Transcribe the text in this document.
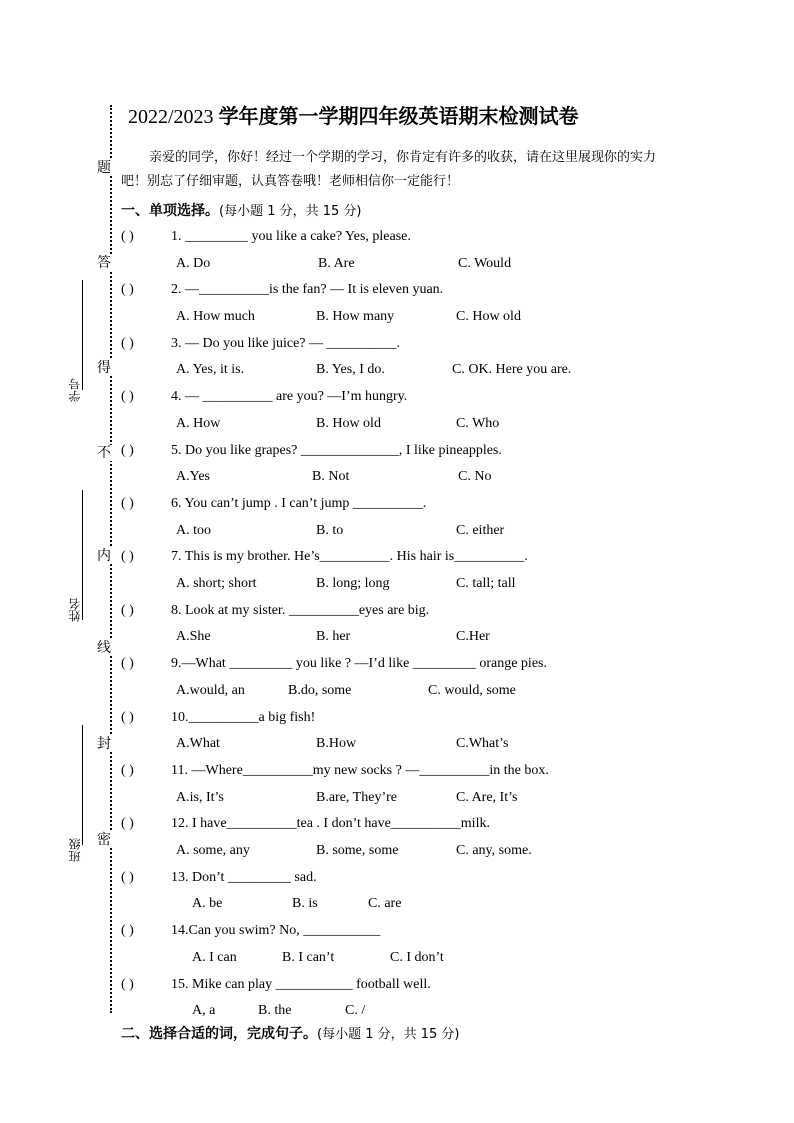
题
答
得
不
内
线
封
密
学号
姓名
班级
2022/2023 学年度第一学期四年级英语期末检测试卷
亲爱的同学，你好！经过一个学期的学习，你肯定有许多的收获，请在这里展现你的实力吧！别忘了仔细审题，认真答卷哦！老师相信你一定能行！
一、单项选择。(每小题 1 分，共 15 分)
( )	1. _________ you like a cake? Yes, please.
A. Do	B. Are	C. Would
( )	2. —__________is the fan? — It is eleven yuan.
A. How much	B. How many	C. How old
( )	3. — Do you like juice? — __________.
A. Yes, it is.	B. Yes, I do.	C. OK. Here you are.
( )	4. — __________ are you? —I’m hungry.
A. How	B. How old	C. Who
( )	5. Do you like grapes? ______________, I like pineapples.
A.Yes	B. Not	C. No
( )	6. You can’t jump . I can’t jump __________.
A. too	B. to	C. either
( )	7. This is my brother. He’s__________. His hair is__________.
A. short; short	B. long; long	C. tall; tall
( )	8. Look at my sister. __________eyes are big.
A.She	B. her	C.Her
( )	9.—What _________ you like ? —I’d like _________ orange pies.
A.would, an	B.do, some	C. would, some
( )	10.__________a big fish!
A.What	B.How	C.What’s
( )	11. —Where__________my new socks ? —__________in the box.
A.is, It’s	B.are, They’re	C. Are, It’s
( )	12. I have__________tea . I don’t have__________milk.
A. some, any	B. some, some	C. any, some.
( )	13. Don’t _________ sad.
A. be	B. is	C. are
( )	14.Can you swim? No, ___________
A. I can	B. I can’t	C. I don’t
( )	15. Mike can play ___________ football well.
A, a	B. the	C. /
二、选择合适的词，完成句子。(每小题 1 分，共 15 分)
